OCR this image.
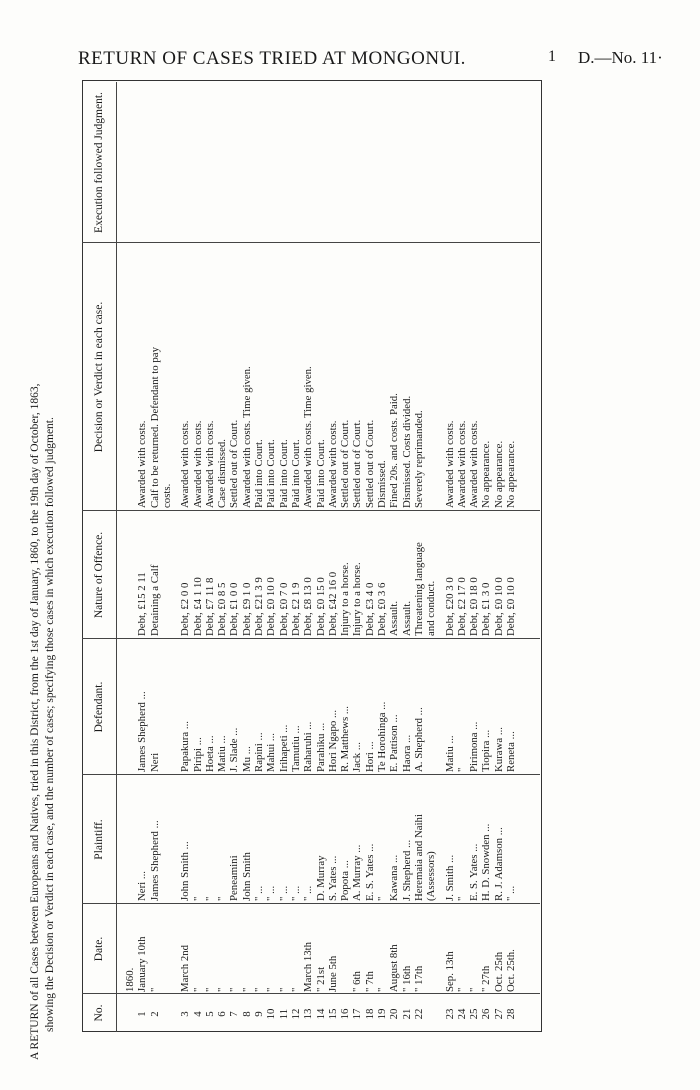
RETURN OF CASES TRIED AT MONGONUI.	1 D.—No. 11·
A RETURN of all Cases between Europeans and Natives, tried in this District, from the 1st day of January, 1860, to the 19th day of October, 1863, showing the Decision or Verdict in each case, and the number of cases; specifying those cases in which execution followed judgment.	No.
Date.
Plaintiff.
Defendant.
Nature of Offence.
Decision or Verdict in each case.
Execution followed Judgment.
1860.
1
January 10th
Neri ...
James Shepherd ...
Debt, £15 2 11
Awarded with costs.
2
"
James Shepherd ...
Neri
Detaining a Calf
Calf to be returned. Defendant to pay costs.
3
March 2nd
John Smith ...
Papakura ...
Debt, £2 0 0
Awarded with costs.
4
"
"
Piripi ...
Debt, £4 1 10
Awarded with costs.
5
"
"
Hoeta ...
Debt, £7 11 8
Awarded with costs.
6
"
"
Matiu ...
Debt, £0 8 5
Case dismissed.
7
"
Peneamini
J. Slade ...
Debt, £1 0 0
Settled out of Court.
8
"
John Smith
Mu ...
Debt, £9 1 0
Awarded with costs. Time given.
9
"
" ...
Rapini ...
Debt, £21 3 9
Paid into Court.
10
"
" ...
Mahui ...
Debt, £0 10 0
Paid into Court.
11
"
" ...
Irihapeti ...
Debt, £0 7 0
Paid into Court.
12
"
" ...
Tamutiu ...
Debt, £2 1 9
Paid into Court.
13
March 13th
" ...
Raharuhi ...
Debt, £8 13 0
Awarded with costs. Time given.
14
" 21st
D. Murray
Parahiku ...
Debt, £0 15 0
Paid into Court.
15
June 5th
S. Yates ...
Hori Ngapo ...
Debt, £42 16 0
Awarded with costs.
16
Popota ...
R. Matthews ...
Injury to a horse.
Settled out of Court.
17
" 6th
A. Murray ...
Jack ...
Injury to a horse.
Settled out of Court.
18
" 7th
E. S. Yates ...
Hori ...
Debt, £3 4 0
Settled out of Court.
19
"
"
Te Horohinga ...
Debt, £0 3 6
Dismissed.
20
August 8th
Kawana ...
E. Pattison ...
Assault.
Fined 20s. and costs. Paid.
21
" 16th
J. Shepherd ...
Haora ...
Assault.
Dismissed. Costs divided.
22
" 17th
Heremaia and Naihi
A. Shepherd ...
Threatening language
Severely reprimanded.
(Assessors)
and conduct.
23
Sep. 13th
J. Smith ...
Matiu ...
Debt, £20 3 0
Awarded with costs.
24
"
"
"
Debt, £2 17 0
Awarded with costs.
25
"
E. S. Yates ...
Pirimona ...
Debt, £0 18 0
Awarded with costs.
26
" 27th
H. D. Snowden ...
Tiopira ...
Debt, £1 3 0
No appearance.
27
Oct. 25th
R. J. Adamson ...
Kurawa ...
Debt, £0 10 0
No appearance.
28
Oct. 25th.
" ...
Reneta ...
Debt, £0 10 0
No appearance.
